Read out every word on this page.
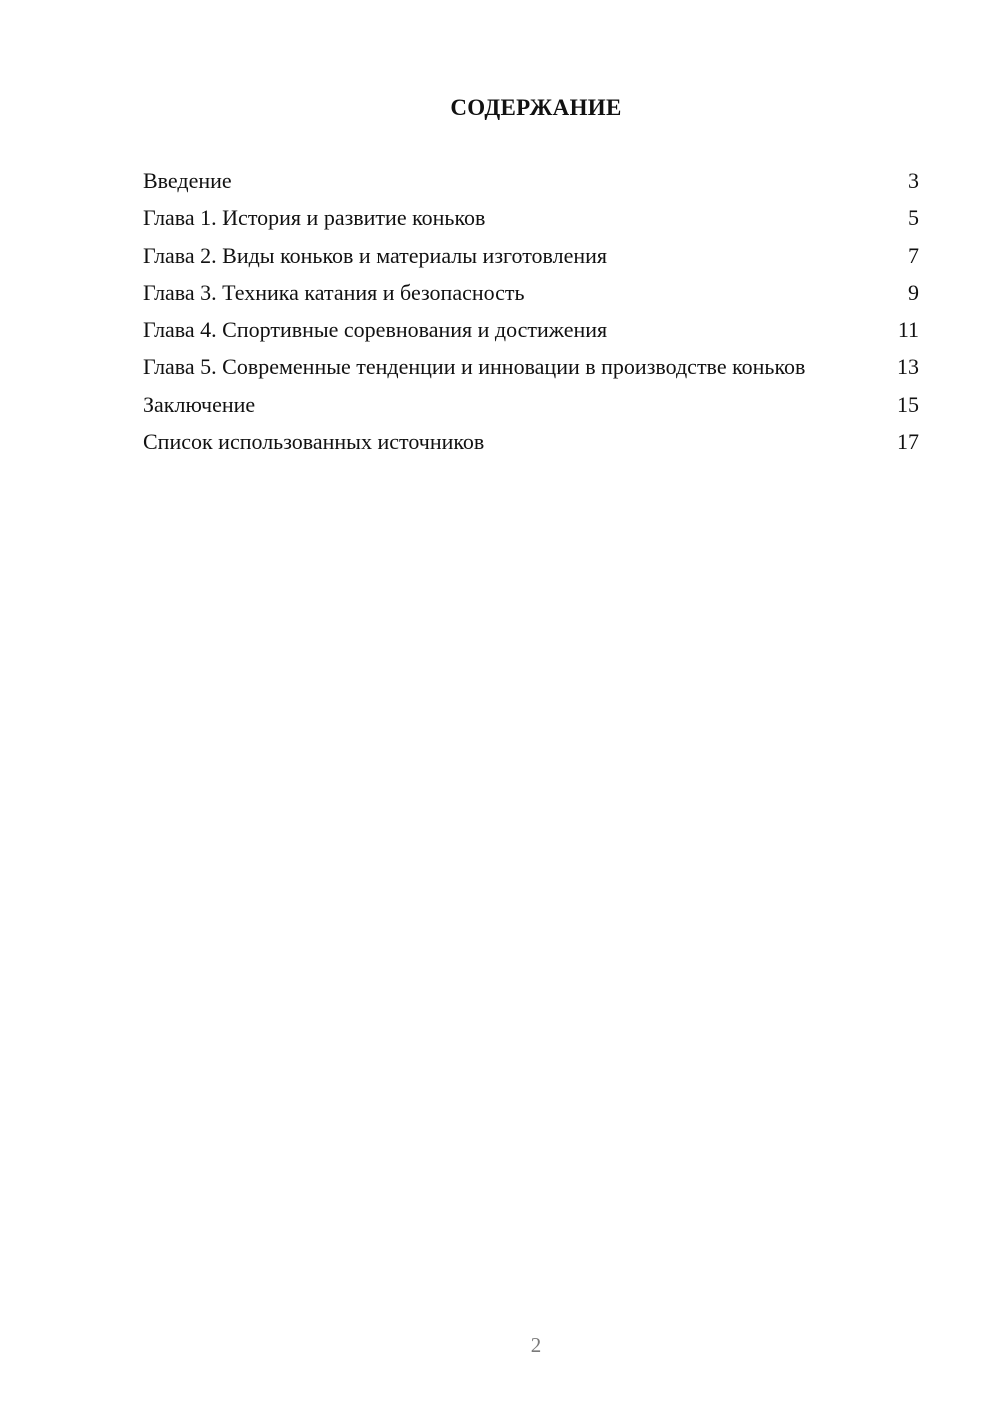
СОДЕРЖАНИЕ
Введение	3
Глава 1. История и развитие коньков	5
Глава 2. Виды коньков и материалы изготовления	7
Глава 3. Техника катания и безопасность	9
Глава 4. Спортивные соревнования и достижения	11
Глава 5. Современные тенденции и инновации в производстве коньков	13
Заключение	15
Список использованных источников	17
2
